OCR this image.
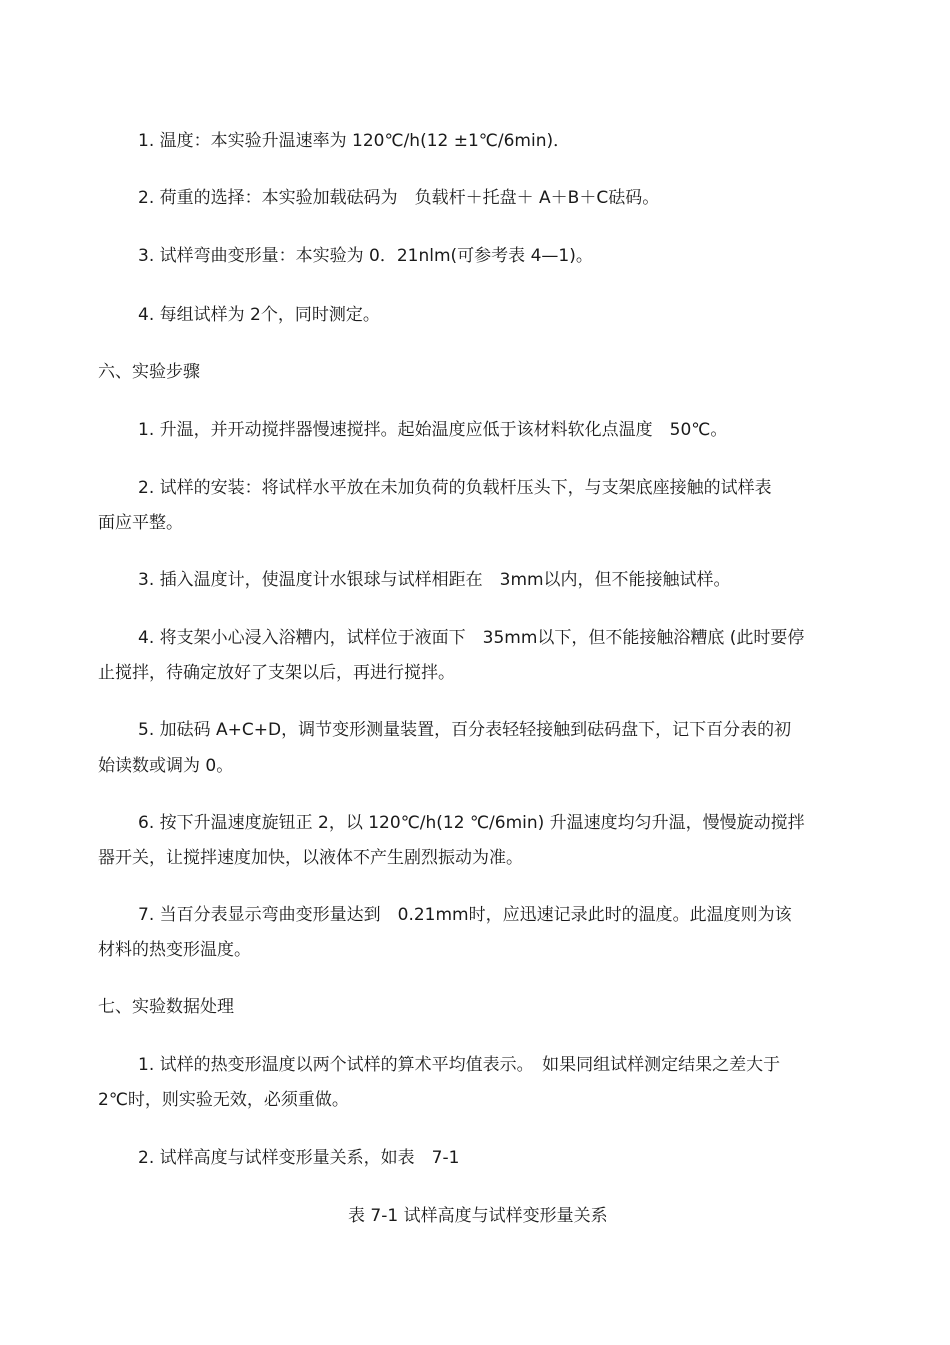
1. 温度：本实验升温速率为 120℃/h(12 ±1℃/6min)．
2. 荷重的选择：本实验加载砝码为　负载杆＋托盘＋ A＋B＋C砝码。
3. 试样弯曲变形量：本实验为 0．21nlm(可参考表 4—1)。
4. 每组试样为 2个，同时测定。
六、实验步骤
1. 升温，并开动搅拌器慢速搅拌。起始温度应低于该材料软化点温度　50℃。
2. 试样的安装：将试样水平放在未加负荷的负载杆压头下，与支架底座接触的试样表
面应平整。
3. 插入温度计，使温度计水银球与试样相距在　3mm以内，但不能接触试样。
4. 将支架小心浸入浴糟内，试样位于液面下　35mm以下，但不能接触浴糟底 (此时要停
止搅拌，待确定放好了支架以后，再进行搅拌。
5. 加砝码 A+C+D，调节变形测量装置，百分表轻轻接触到砝码盘下，记下百分表的初
始读数或调为 0。
6. 按下升温速度旋钮正 2，以 120℃/h(12 ℃/6min) 升温速度均匀升温，慢慢旋动搅拌
器开关，让搅拌速度加快，以液体不产生剧烈振动为准。
7. 当百分表显示弯曲变形量达到　0.21mm时，应迅速记录此时的温度。此温度则为该
材料的热变形温度。
七、实验数据处理
1. 试样的热变形温度以两个试样的算术平均值表示。　如果同组试样测定结果之差大于
2℃时，则实验无效，必须重做。
2. 试样高度与试样变形量关系，如表　7-1
表 7-1 试样高度与试样变形量关系
